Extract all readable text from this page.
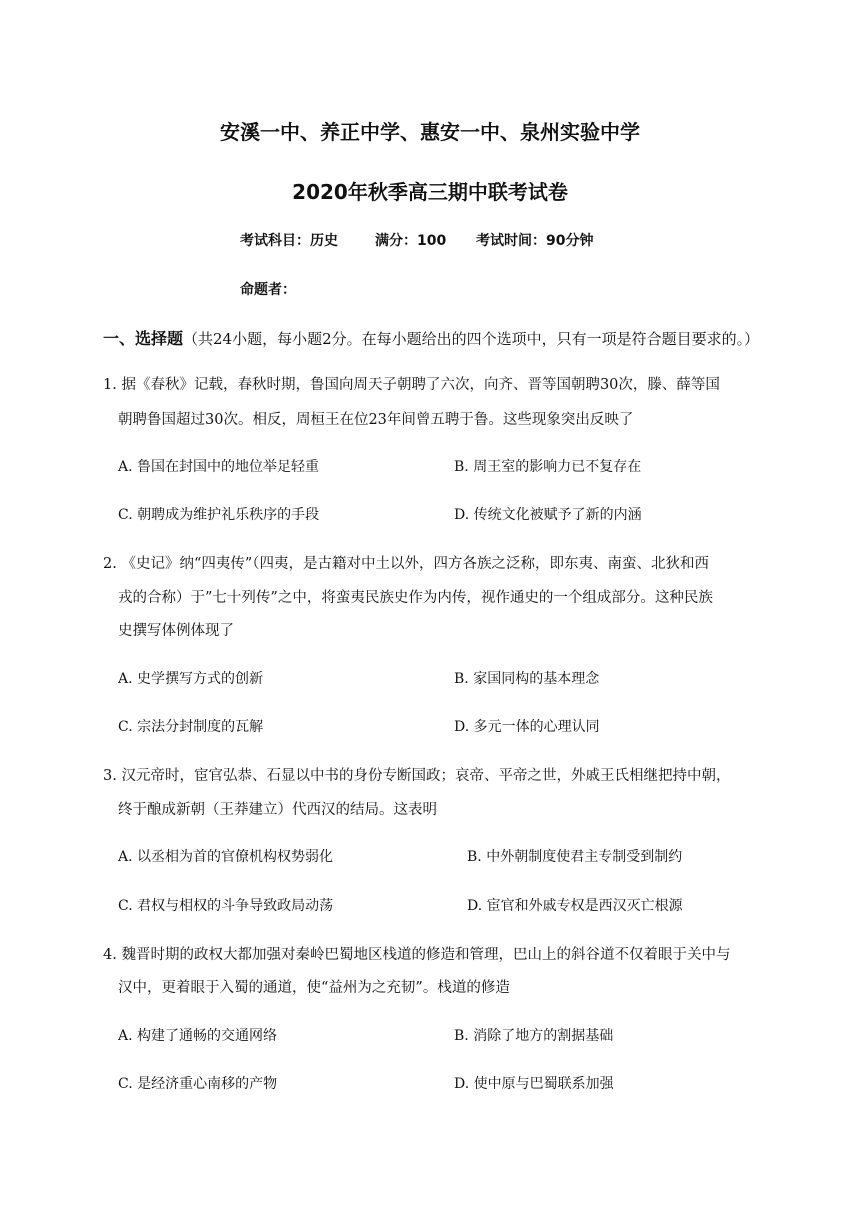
安溪一中、养正中学、惠安一中、泉州实验中学
2020年秋季高三期中联考试卷
考试科目：历史	满分：100 考试时间：90分钟
命题者：
一、选择题（共24小题，每小题2分。在每小题给出的四个选项中，只有一项是符合题目要求的。）
1. 据《春秋》记载，春秋时期，鲁国向周天子朝聘了六次，向齐、晋等国朝聘30次，滕、薛等国
朝聘鲁国超过30次。相反，周桓王在位23年间曾五聘于鲁。这些现象突出反映了
A. 鲁国在封国中的地位举足轻重	B. 周王室的影响力已不复存在
C. 朝聘成为维护礼乐秩序的手段	D. 传统文化被赋予了新的内涵
2. 《史记》纳“四夷传”（四夷，是古籍对中土以外，四方各族之泛称，即东夷、南蛮、北狄和西
戎的合称）于”七十列传”之中，将蛮夷民族史作为内传，视作通史的一个组成部分。这种民族
史撰写体例体现了
A. 史学撰写方式的创新	B. 家国同构的基本理念
C. 宗法分封制度的瓦解	D. 多元一体的心理认同
3. 汉元帝时，宦官弘恭、石显以中书的身份专断国政；哀帝、平帝之世，外戚王氏相继把持中朝，
终于酿成新朝（王莽建立）代西汉的结局。这表明
A. 以丞相为首的官僚机构权势弱化	B. 中外朝制度使君主专制受到制约
C. 君权与相权的斗争导致政局动荡	D. 宦官和外戚专权是西汉灭亡根源
4. 魏晋时期的政权大都加强对秦岭巴蜀地区栈道的修造和管理，巴山上的斜谷道不仅着眼于关中与
汉中，更着眼于入蜀的通道，使“益州为之充韧”。栈道的修造
A. 构建了通畅的交通网络	B. 消除了地方的割据基础
C. 是经济重心南移的产物	D. 使中原与巴蜀联系加强
